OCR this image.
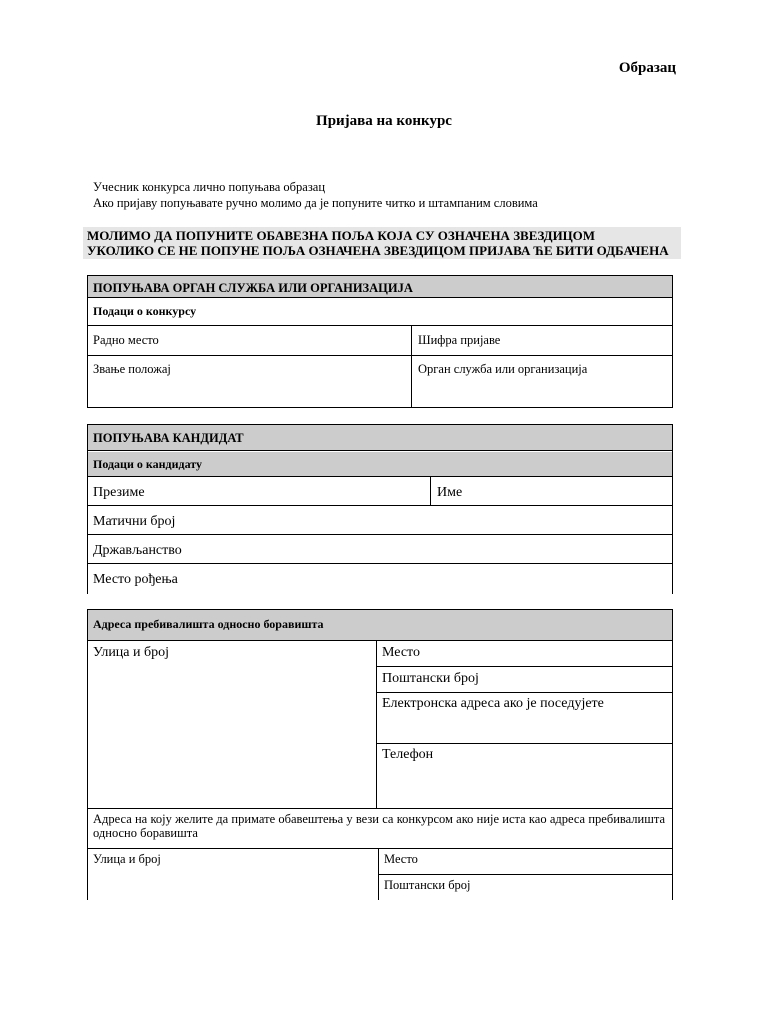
Образац
Пријава на конкурс
Учесник конкурса лично попуњава образац
Ако пријаву попуњавате ручно молимо да је попуните читко и штампаним словима
МОЛИМО ДА ПОПУНИТЕ ОБАВЕЗНА ПОЉА КОЈА СУ ОЗНАЧЕНА ЗВЕЗДИЦОМ
УКОЛИКО СЕ НЕ ПОПУНЕ ПОЉА ОЗНАЧЕНА ЗВЕЗДИЦОМ ПРИЈАВА ЋЕ БИТИ ОДБАЧЕНА
ПОПУЊАВА ОРГАН СЛУЖБА ИЛИ ОРГАНИЗАЦИЈА
Подаци о конкурсу
Радно место	Шифра пријаве
Звање положај	Орган служба или организација
ПОПУЊАВА КАНДИДАТ
Подаци о кандидату
Презиме	Име
Матични број
Држављанство
Место рођења
Адреса пребивалишта односно боравишта
Улица и број	Место
Поштански број
Електронска адреса ако је поседујете
Телефон
Адреса на коју желите да примате обавештења у вези са конкурсом ако није иста као адреса пребивалишта односно боравишта
Улица и број	Место
Поштански број
